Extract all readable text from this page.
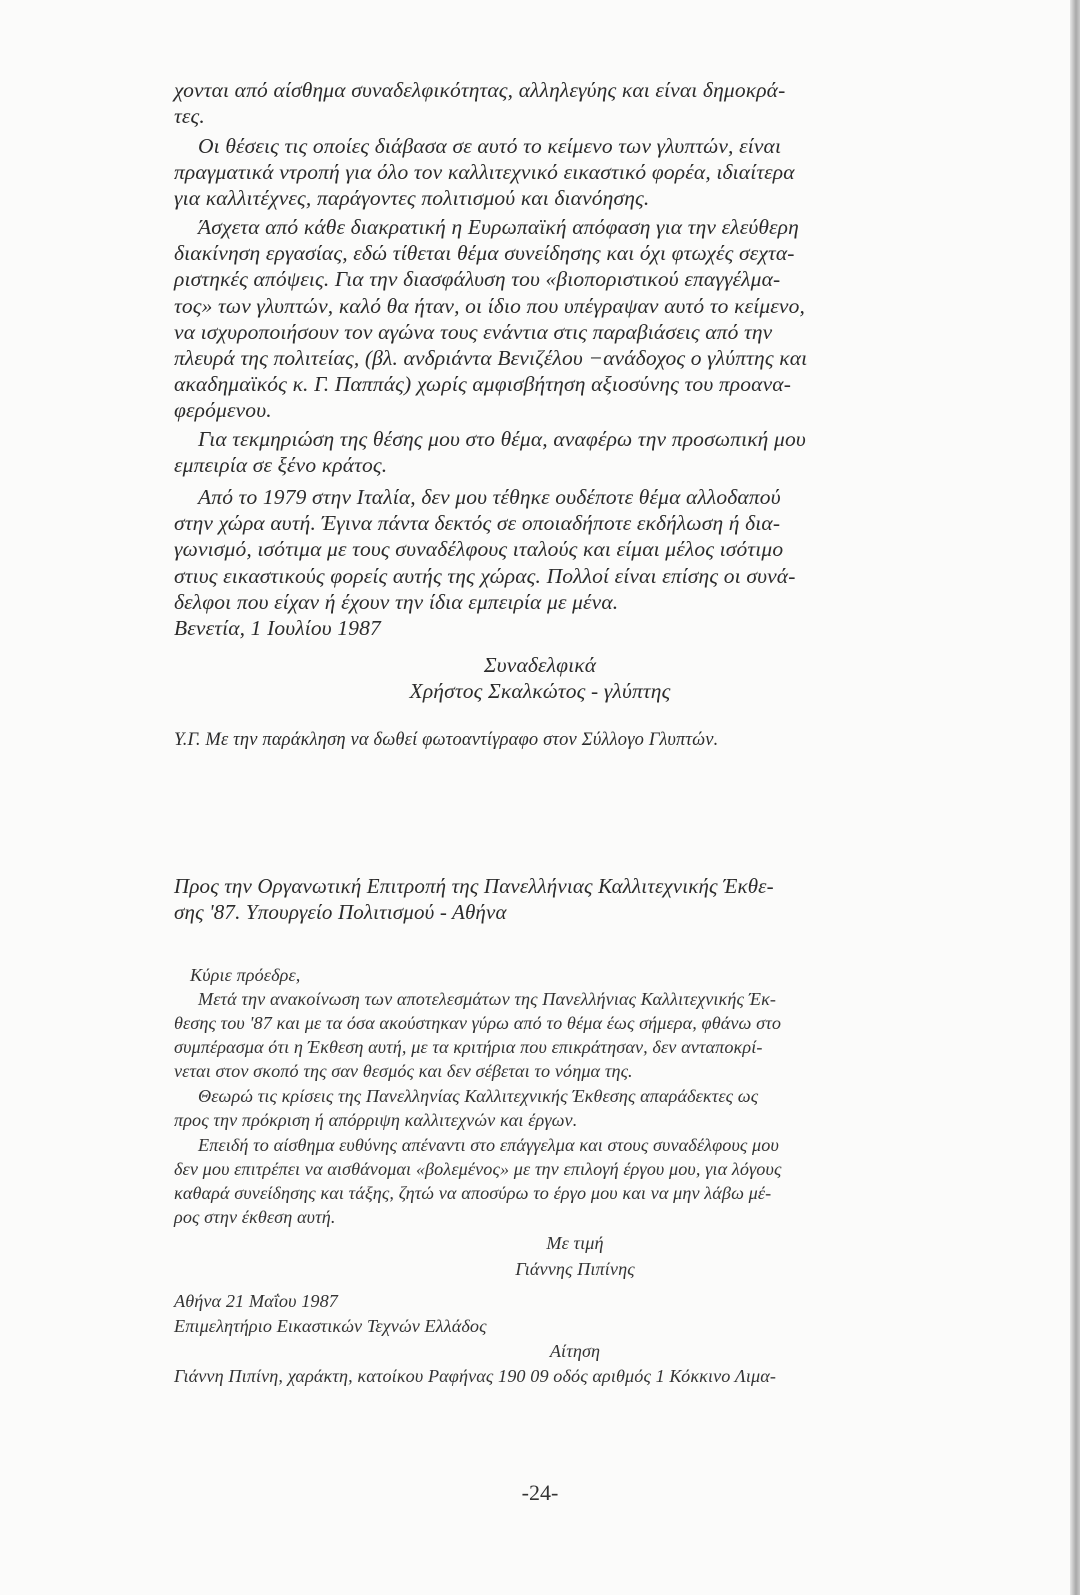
χονται από αίσθημα συναδελφικότητας, αλληλεγύης και είναι δημοκρά-
τες.
Οι θέσεις τις οποίες διάβασα σε αυτό το κείμενο των γλυπτών, είναι
πραγματικά ντροπή για όλο τον καλλιτεχνικό εικαστικό φορέα, ιδιαίτερα
για καλλιτέχνες, παράγοντες πολιτισμού και διανόησης.
Άσχετα από κάθε διακρατική η Ευρωπαϊκή απόφαση για την ελεύθερη
διακίνηση εργασίας, εδώ τίθεται θέμα συνείδησης και όχι φτωχές σεχτα-
ριστηκές απόψεις. Για την διασφάλυση του «βιοποριστικού επαγγέλμα-
τος» των γλυπτών, καλό θα ήταν, οι ίδιο που υπέγραψαν αυτό το κείμενο,
να ισχυροποιήσουν τον αγώνα τους ενάντια στις παραβιάσεις από την
πλευρά της πολιτείας, (βλ. ανδριάντα Βενιζέλου −ανάδοχος ο γλύπτης και
ακαδημαϊκός κ. Γ. Παππάς) χωρίς αμφισβήτηση αξιοσύνης του προανα-
φερόμενου.
Για τεκμηριώση της θέσης μου στο θέμα, αναφέρω την προσωπική μου
εμπειρία σε ξένο κράτος.
Από το 1979 στην Ιταλία, δεν μου τέθηκε ουδέποτε θέμα αλλοδαπού
στην χώρα αυτή. Έγινα πάντα δεκτός σε οποιαδήποτε εκδήλωση ή δια-
γωνισμό, ισότιμα με τους συναδέλφους ιταλούς και είμαι μέλος ισότιμο
στιυς εικαστικούς φορείς αυτής της χώρας. Πολλοί είναι επίσης οι συνά-
δελφοι που είχαν ή έχουν την ίδια εμπειρία με μένα.
Βενετία, 1 Ιουλίου 1987
Συναδελφικά
Χρήστος Σκαλκώτος - γλύπτης
Υ.Γ. Με την παράκληση να δωθεί φωτοαντίγραφο στον Σύλλογο Γλυπτών.
Προς την Οργανωτική Επιτροπή της Πανελλήνιας Καλλιτεχνικής Έκθε-
σης '87. Υπουργείο Πολιτισμού - Αθήνα
Κύριε πρόεδρε,
Μετά την ανακοίνωση των αποτελεσμάτων της Πανελλήνιας Καλλιτεχνικής Έκ-
θεσης του '87 και με τα όσα ακούστηκαν γύρω από το θέμα έως σήμερα, φθάνω στο
συμπέρασμα ότι η Έκθεση αυτή, με τα κριτήρια που επικράτησαν, δεν ανταποκρί-
νεται στον σκοπό της σαν θεσμός και δεν σέβεται το νόημα της.
Θεωρώ τις κρίσεις της Πανελληνίας Καλλιτεχνικής Έκθεσης απαράδεκτες ως
προς την πρόκριση ή απόρριψη καλλιτεχνών και έργων.
Επειδή το αίσθημα ευθύνης απέναντι στο επάγγελμα και στους συναδέλφους μου
δεν μου επιτρέπει να αισθάνομαι «βολεμένος» με την επιλογή έργου μου, για λόγους
καθαρά συνείδησης και τάξης, ζητώ να αποσύρω το έργο μου και να μην λάβω μέ-
ρος στην έκθεση αυτή.
Με τιμή
Γιάννης Πιπίνης
Αθήνα 21 Μαΐου 1987
Επιμελητήριο Εικαστικών Τεχνών Ελλάδος
Αίτηση
Γιάννη Πιπίνη, χαράκτη, κατοίκου Ραφήνας 190 09 οδός αριθμός 1 Κόκκινο Λιμα-
-24-
